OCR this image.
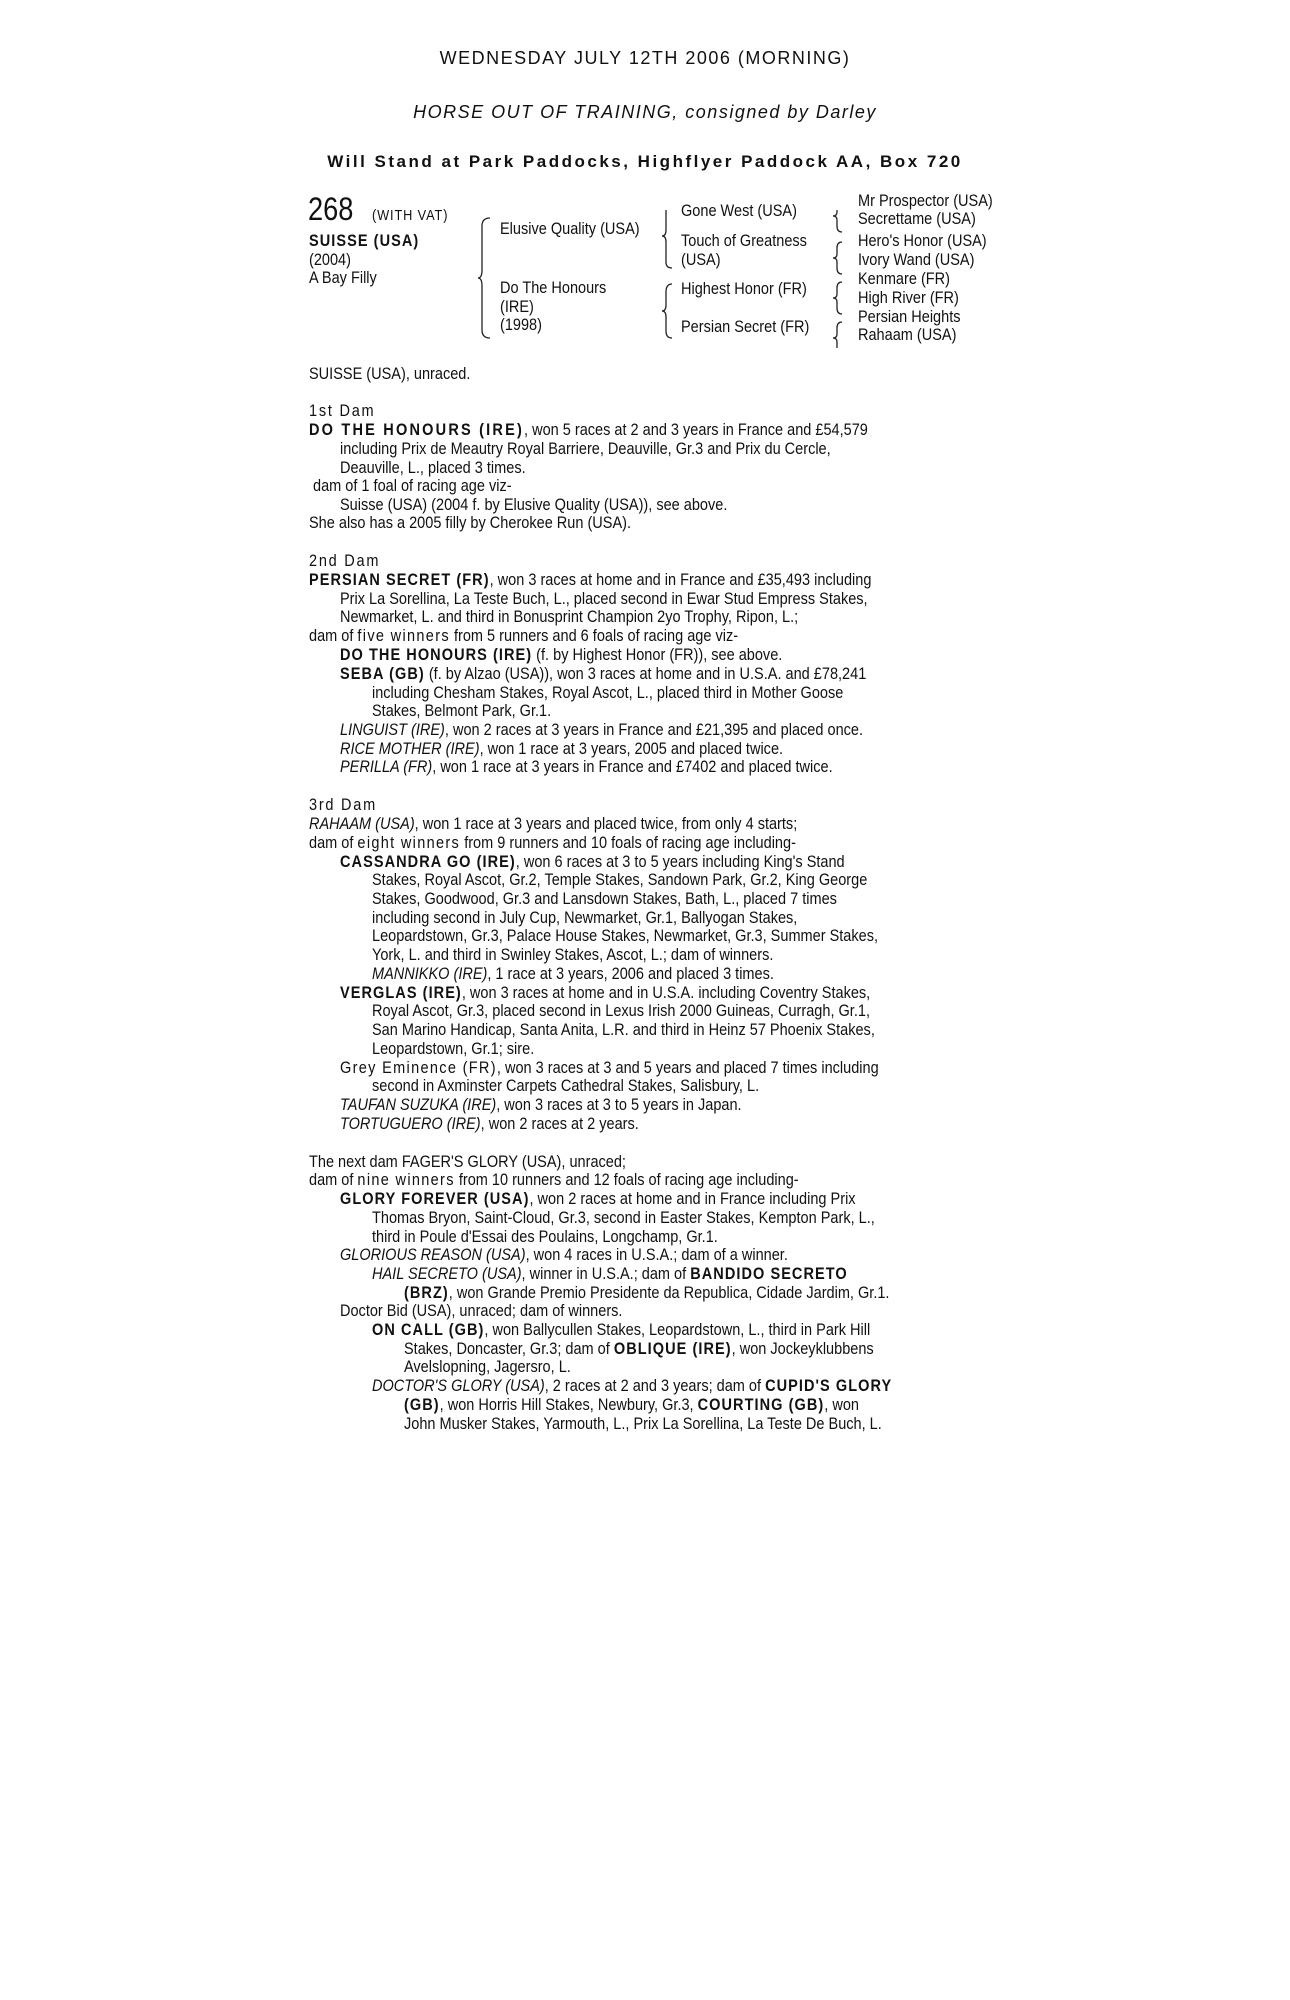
WEDNESDAY JULY 12TH 2006 (MORNING)
HORSE OUT OF TRAINING, consigned by Darley
Will Stand at Park Paddocks, Highflyer Paddock AA, Box 720
268 (WITH VAT)
SUISSE (USA)
(2004)
A Bay Filly
Elusive Quality (USA)
Do The Honours
(IRE)
(1998)
Gone West (USA)
Touch of Greatness
(USA)
Highest Honor (FR)
Persian Secret (FR)
Mr Prospector (USA)
Secrettame (USA)
Hero's Honor (USA)
Ivory Wand (USA)
Kenmare (FR)
High River (FR)
Persian Heights
Rahaam (USA)
SUISSE (USA), unraced.
1st Dam
DO THE HONOURS (IRE), won 5 races at 2 and 3 years in France and £54,579
including Prix de Meautry Royal Barriere, Deauville, Gr.3 and Prix du Cercle,
Deauville, L., placed 3 times.
dam of 1 foal of racing age viz-
Suisse (USA) (2004 f. by Elusive Quality (USA)), see above.
She also has a 2005 filly by Cherokee Run (USA).
2nd Dam
PERSIAN SECRET (FR), won 3 races at home and in France and £35,493 including
Prix La Sorellina, La Teste Buch, L., placed second in Ewar Stud Empress Stakes,
Newmarket, L. and third in Bonusprint Champion 2yo Trophy, Ripon, L.;
dam of five winners from 5 runners and 6 foals of racing age viz-
DO THE HONOURS (IRE) (f. by Highest Honor (FR)), see above.
SEBA (GB) (f. by Alzao (USA)), won 3 races at home and in U.S.A. and £78,241
including Chesham Stakes, Royal Ascot, L., placed third in Mother Goose
Stakes, Belmont Park, Gr.1.
LINGUIST (IRE), won 2 races at 3 years in France and £21,395 and placed once.
RICE MOTHER (IRE), won 1 race at 3 years, 2005 and placed twice.
PERILLA (FR), won 1 race at 3 years in France and £7402 and placed twice.
3rd Dam
RAHAAM (USA), won 1 race at 3 years and placed twice, from only 4 starts;
dam of eight winners from 9 runners and 10 foals of racing age including-
CASSANDRA GO (IRE), won 6 races at 3 to 5 years including King's Stand
Stakes, Royal Ascot, Gr.2, Temple Stakes, Sandown Park, Gr.2, King George
Stakes, Goodwood, Gr.3 and Lansdown Stakes, Bath, L., placed 7 times
including second in July Cup, Newmarket, Gr.1, Ballyogan Stakes,
Leopardstown, Gr.3, Palace House Stakes, Newmarket, Gr.3, Summer Stakes,
York, L. and third in Swinley Stakes, Ascot, L.; dam of winners.
MANNIKKO (IRE), 1 race at 3 years, 2006 and placed 3 times.
VERGLAS (IRE), won 3 races at home and in U.S.A. including Coventry Stakes,
Royal Ascot, Gr.3, placed second in Lexus Irish 2000 Guineas, Curragh, Gr.1,
San Marino Handicap, Santa Anita, L.R. and third in Heinz 57 Phoenix Stakes,
Leopardstown, Gr.1; sire.
Grey Eminence (FR), won 3 races at 3 and 5 years and placed 7 times including
second in Axminster Carpets Cathedral Stakes, Salisbury, L.
TAUFAN SUZUKA (IRE), won 3 races at 3 to 5 years in Japan.
TORTUGUERO (IRE), won 2 races at 2 years.
The next dam FAGER'S GLORY (USA), unraced;
dam of nine winners from 10 runners and 12 foals of racing age including-
GLORY FOREVER (USA), won 2 races at home and in France including Prix
Thomas Bryon, Saint-Cloud, Gr.3, second in Easter Stakes, Kempton Park, L.,
third in Poule d'Essai des Poulains, Longchamp, Gr.1.
GLORIOUS REASON (USA), won 4 races in U.S.A.; dam of a winner.
HAIL SECRETO (USA), winner in U.S.A.; dam of BANDIDO SECRETO
(BRZ), won Grande Premio Presidente da Republica, Cidade Jardim, Gr.1.
Doctor Bid (USA), unraced; dam of winners.
ON CALL (GB), won Ballycullen Stakes, Leopardstown, L., third in Park Hill
Stakes, Doncaster, Gr.3; dam of OBLIQUE (IRE), won Jockeyklubbens
Avelslopning, Jagersro, L.
DOCTOR'S GLORY (USA), 2 races at 2 and 3 years; dam of CUPID'S GLORY
(GB), won Horris Hill Stakes, Newbury, Gr.3, COURTING (GB), won
John Musker Stakes, Yarmouth, L., Prix La Sorellina, La Teste De Buch, L.
